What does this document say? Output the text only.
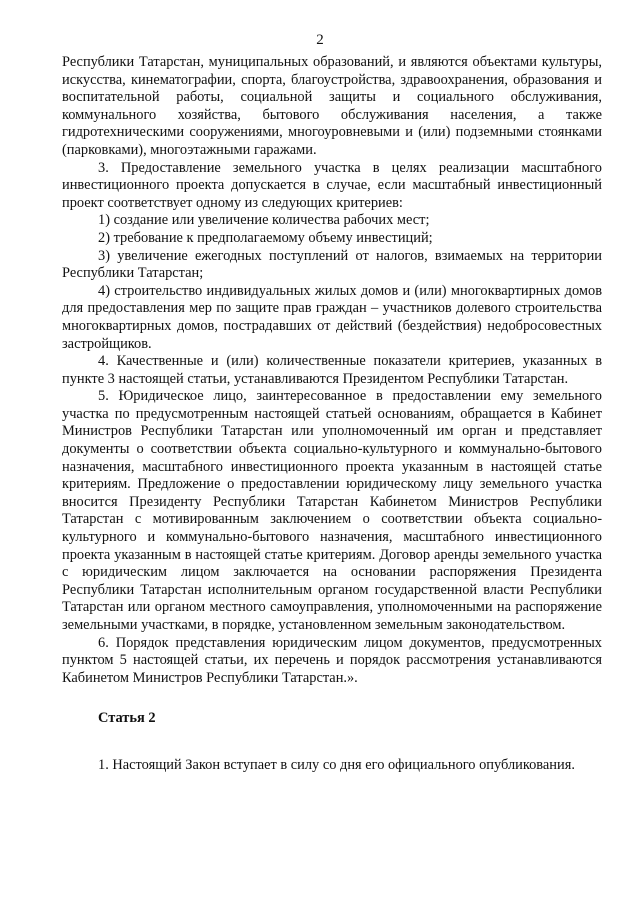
2

Республики Татарстан, муниципальных образований, и являются объектами культуры, искусства, кинематографии, спорта, благоустройства, здравоохранения, образования и воспитательной работы, социальной защиты и социального обслуживания, коммунального хозяйства, бытового обслуживания населения, а также гидротехническими сооружениями, многоуровневыми и (или) подземными стоянками (парковками), многоэтажными гаражами.

3. Предоставление земельного участка в целях реализации масштабного инвестиционного проекта допускается в случае, если масштабный инвестиционный проект соответствует одному из следующих критериев:

1) создание или увеличение количества рабочих мест;

2) требование к предполагаемому объему инвестиций;

3) увеличение ежегодных поступлений от налогов, взимаемых на территории Республики Татарстан;

4) строительство индивидуальных жилых домов и (или) многоквартирных домов для предоставления мер по защите прав граждан – участников долевого строительства многоквартирных домов, пострадавших от действий (бездействия) недобросовестных застройщиков.

4. Качественные и (или) количественные показатели критериев, указанных в пункте 3 настоящей статьи, устанавливаются Президентом Республики Татарстан.

5. Юридическое лицо, заинтересованное в предоставлении ему земельного участка по предусмотренным настоящей статьей основаниям, обращается в Кабинет Министров Республики Татарстан или уполномоченный им орган и представляет документы о соответствии объекта социально-культурного и коммунально-бытового назначения, масштабного инвестиционного проекта указанным в настоящей статье критериям. Предложение о предоставлении юридическому лицу земельного участка вносится Президенту Республики Татарстан Кабинетом Министров Республики Татарстан с мотивированным заключением о соответствии объекта социально-культурного и коммунально-бытового назначения, масштабного инвестиционного проекта указанным в настоящей статье критериям. Договор аренды земельного участка с юридическим лицом заключается на основании распоряжения Президента Республики Татарстан исполнительным органом государственной власти Республики Татарстан или органом местного самоуправления, уполномоченными на распоряжение земельными участками, в порядке, установленном земельным законодательством.

6. Порядок представления юридическим лицом документов, предусмотренных пунктом 5 настоящей статьи, их перечень и порядок рассмотрения устанавливаются Кабинетом Министров Республики Татарстан.».

Статья 2

1. Настоящий Закон вступает в силу со дня его официального опубликования.
